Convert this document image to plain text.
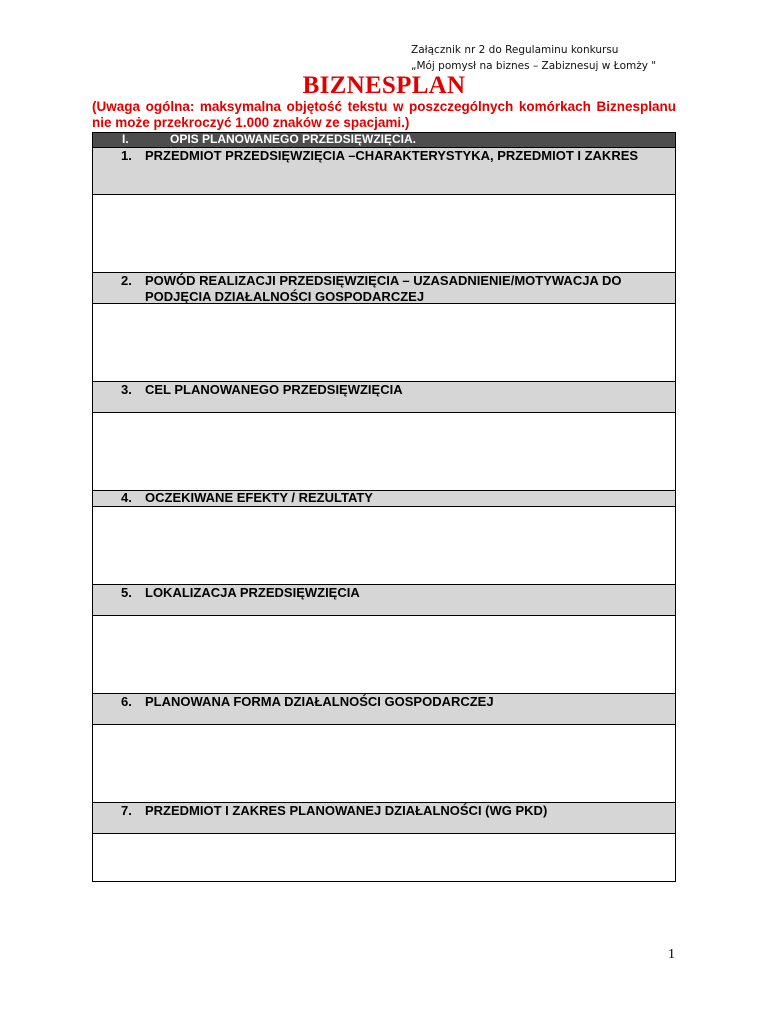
Załącznik nr 2 do Regulaminu konkursu
„Mój pomysł na biznes – Zabiznesuj w Łomży "
BIZNESPLAN
(Uwaga ogólna: maksymalna objętość tekstu w poszczególnych komórkach Biznesplanu nie może przekroczyć 1.000 znaków ze spacjami.)
I.	OPIS PLANOWANEGO PRZEDSIĘWZIĘCIA.
1. PRZEDMIOT PRZEDSIĘWZIĘCIA –CHARAKTERYSTYKA, PRZEDMIOT I ZAKRES
2. POWÓD REALIZACJI PRZEDSIĘWZIĘCIA – UZASADNIENIE/MOTYWACJA DO PODJĘCIA DZIAŁALNOŚCI GOSPODARCZEJ
3. CEL PLANOWANEGO PRZEDSIĘWZIĘCIA
4. OCZEKIWANE EFEKTY / REZULTATY
5. LOKALIZACJA PRZEDSIĘWZIĘCIA
6. PLANOWANA FORMA DZIAŁALNOŚCI GOSPODARCZEJ
7. PRZEDMIOT I ZAKRES PLANOWANEJ DZIAŁALNOŚCI (WG PKD)
1
